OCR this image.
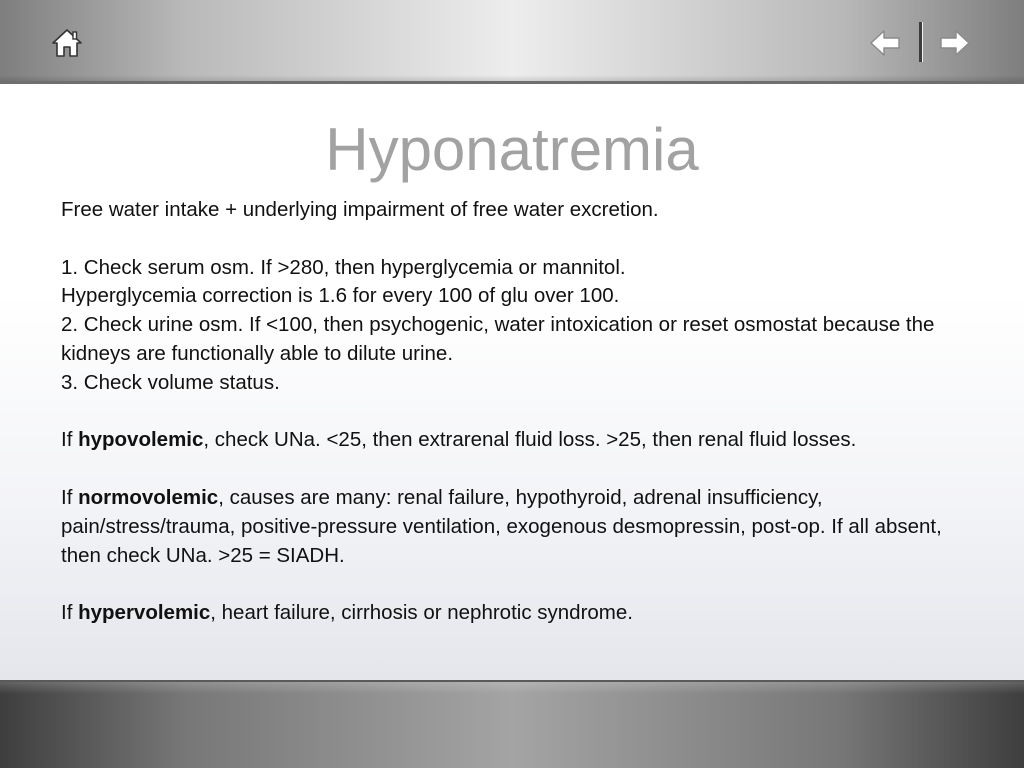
Hyponatremia

Free water intake + underlying impairment of free water excretion.

1. Check serum osm. If >280, then hyperglycemia or mannitol.

Hyperglycemia correction is 1.6 for every 100 of glu over 100.

2. Check urine osm. If <100, then psychogenic, water intoxication or reset osmostat because the kidneys are functionally able to dilute urine.

3. Check volume status.

If hypovolemic, check UNa. <25, then extrarenal fluid loss. >25, then renal fluid losses.

If normovolemic, causes are many: renal failure, hypothyroid, adrenal insufficiency, pain/stress/trauma, positive-pressure ventilation, exogenous desmopressin, post-op. If all absent, then check UNa. >25 = SIADH.

If hypervolemic, heart failure, cirrhosis or nephrotic syndrome.
